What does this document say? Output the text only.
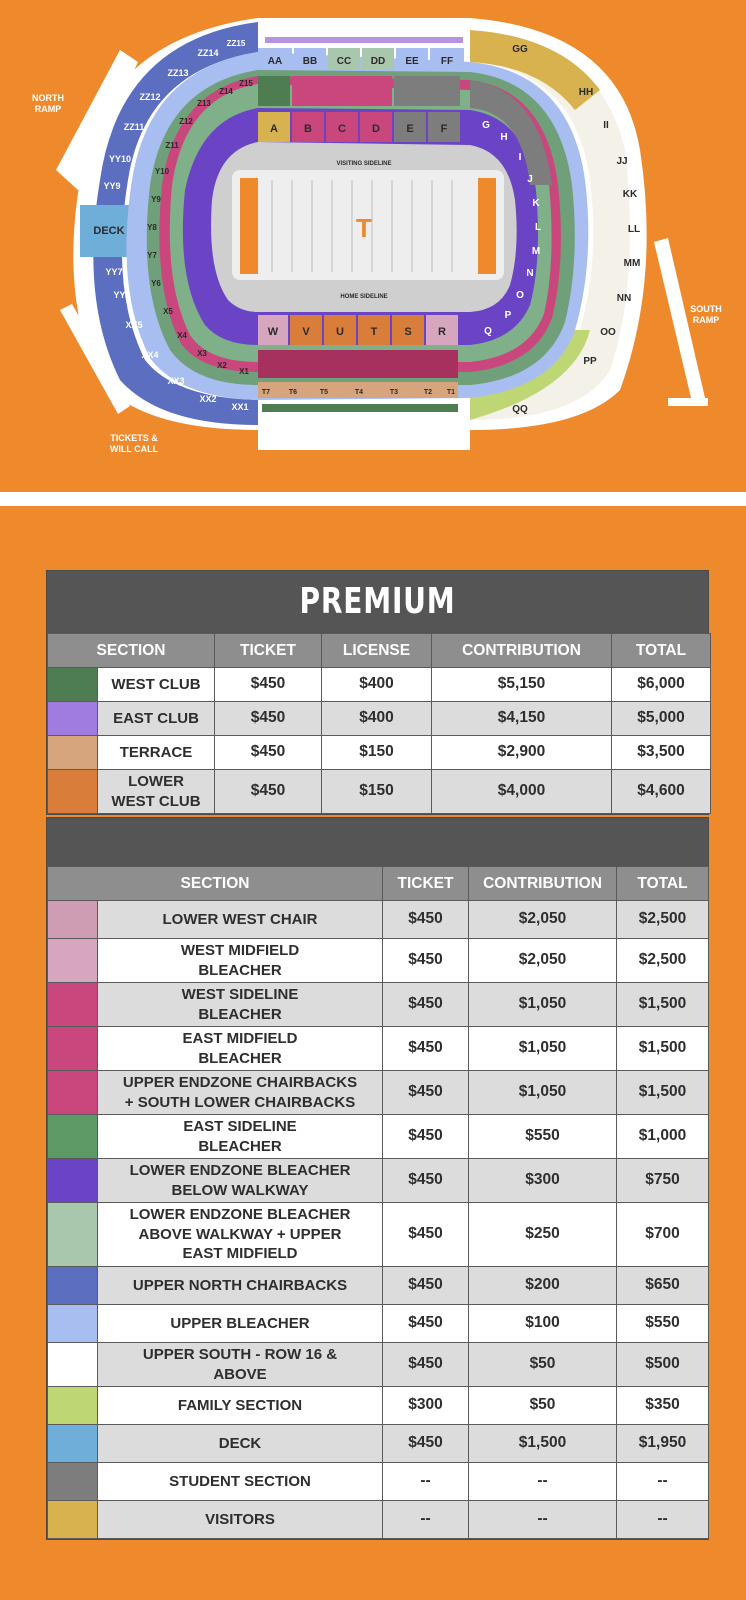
T
VISITING SIDELINE
HOME SIDELINE
AA BB CC DD EE FF
A B C D E F
W V U T S R
T7	T6	T5	T4	T3	T2 T1
GG
HH
II
JJ
KK
LL
MM
NN
OO
PP
QQ
ZZ15
ZZ14
ZZ13
ZZ12
ZZ11
YY10
YY9
YY7
YY6
XX5
XX4
XX3
XX2
XX1
Z15
Z14
Z13
Z12
Z11
Y10
Y9
Y8
Y7
Y6
X5
X4
X3
X2
X1
G
H
I
J
K
L
M
N
O
P
Q
DECK
NORTH
RAMP
SOUTH
RAMP
TICKETS &
WILL CALL
PREMIUM
SECTION		TICKET	LICENSE	CONTRIBUTION	TOTAL
	WEST CLUB	$450	$400	$5,150	$6,000
	EAST CLUB	$450	$400	$4,150	$5,000
	TERRACE	$450	$150	$2,900	$3,500
	LOWER
WEST CLUB	$450	$150	$4,000	$4,600
SECTION		TICKET	CONTRIBUTION	TOTAL
	LOWER WEST CHAIR	$450	$2,050	$2,500
	WEST MIDFIELD
BLEACHER	$450	$2,050	$2,500
	WEST SIDELINE
BLEACHER	$450	$1,050	$1,500
	EAST MIDFIELD
BLEACHER	$450	$1,050	$1,500
	UPPER ENDZONE CHAIRBACKS
+ SOUTH LOWER CHAIRBACKS	$450	$1,050	$1,500
	EAST SIDELINE
BLEACHER	$450	$550	$1,000
	LOWER ENDZONE BLEACHER
BELOW WALKWAY	$450	$300	$750
	LOWER ENDZONE BLEACHER
ABOVE WALKWAY + UPPER
EAST MIDFIELD	$450	$250	$700
	UPPER NORTH CHAIRBACKS	$450	$200	$650
	UPPER BLEACHER	$450	$100	$550
	UPPER SOUTH - ROW 16 &
ABOVE	$450	$50	$500
	FAMILY SECTION	$300	$50	$350
	DECK	$450	$1,500	$1,950
	STUDENT SECTION	--	--	--
	VISITORS	--	--	--
